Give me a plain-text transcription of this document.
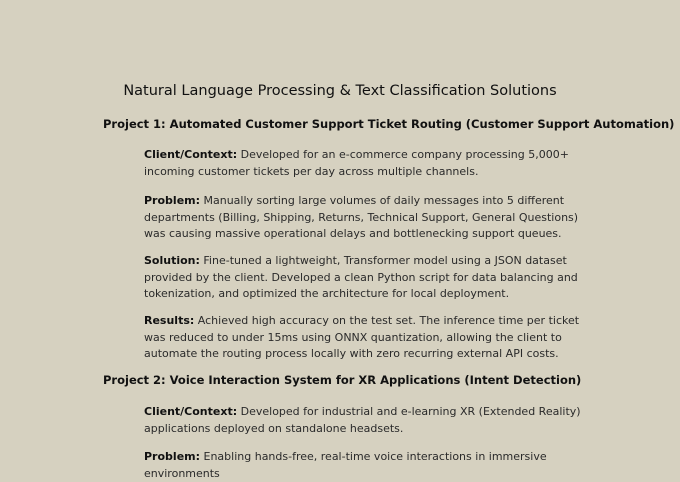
Natural Language Processing & Text Classification Solutions
Project 1: Automated Customer Support Ticket Routing (Customer Support Automation)
Client/Context: Developed for an e-commerce company processing 5,000+ incoming customer tickets per day across multiple channels.
Problem: Manually sorting large volumes of daily messages into 5 different departments (Billing, Shipping, Returns, Technical Support, General Questions) was causing massive operational delays and bottlenecking support queues.
Solution: Fine-tuned a lightweight, Transformer model using a JSON dataset provided by the client. Developed a clean Python script for data balancing and tokenization, and optimized the architecture for local deployment.
Results: Achieved high accuracy on the test set. The inference time per ticket was reduced to under 15ms using ONNX quantization, allowing the client to automate the routing process locally with zero recurring external API costs.
Project 2: Voice Interaction System for XR Applications (Intent Detection)
Client/Context: Developed for industrial and e-learning XR (Extended Reality) applications deployed on standalone headsets.
Problem: Enabling hands-free, real-time voice interactions in immersive environments
